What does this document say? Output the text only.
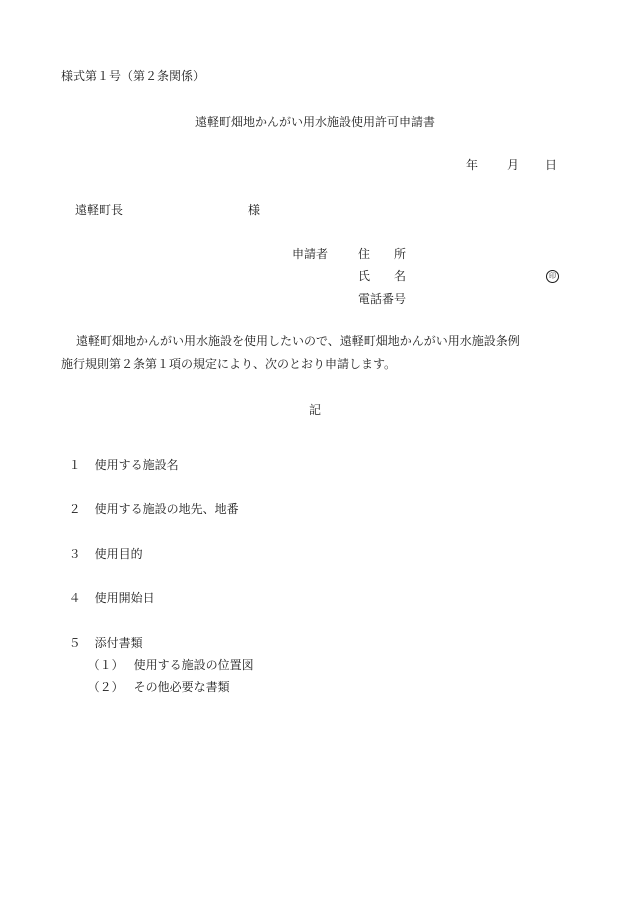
様式第１号（第２条関係）
遠軽町畑地かんがい用水施設使用許可申請書
年 月 日
遠軽町長	様
申請者 住　　所
氏　　名	印
電話番号
遠軽町畑地かんがい用水施設を使用したいので、遠軽町畑地かんがい用水施設条例
施行規則第２条第１項の規定により、次のとおり申請します。
記

１ 使用する施設名

２ 使用する施設の地先、地番

３ 使用目的

４ 使用開始日

５ 添付書類

（１） 使用する施設の位置図

（２） その他必要な書類
